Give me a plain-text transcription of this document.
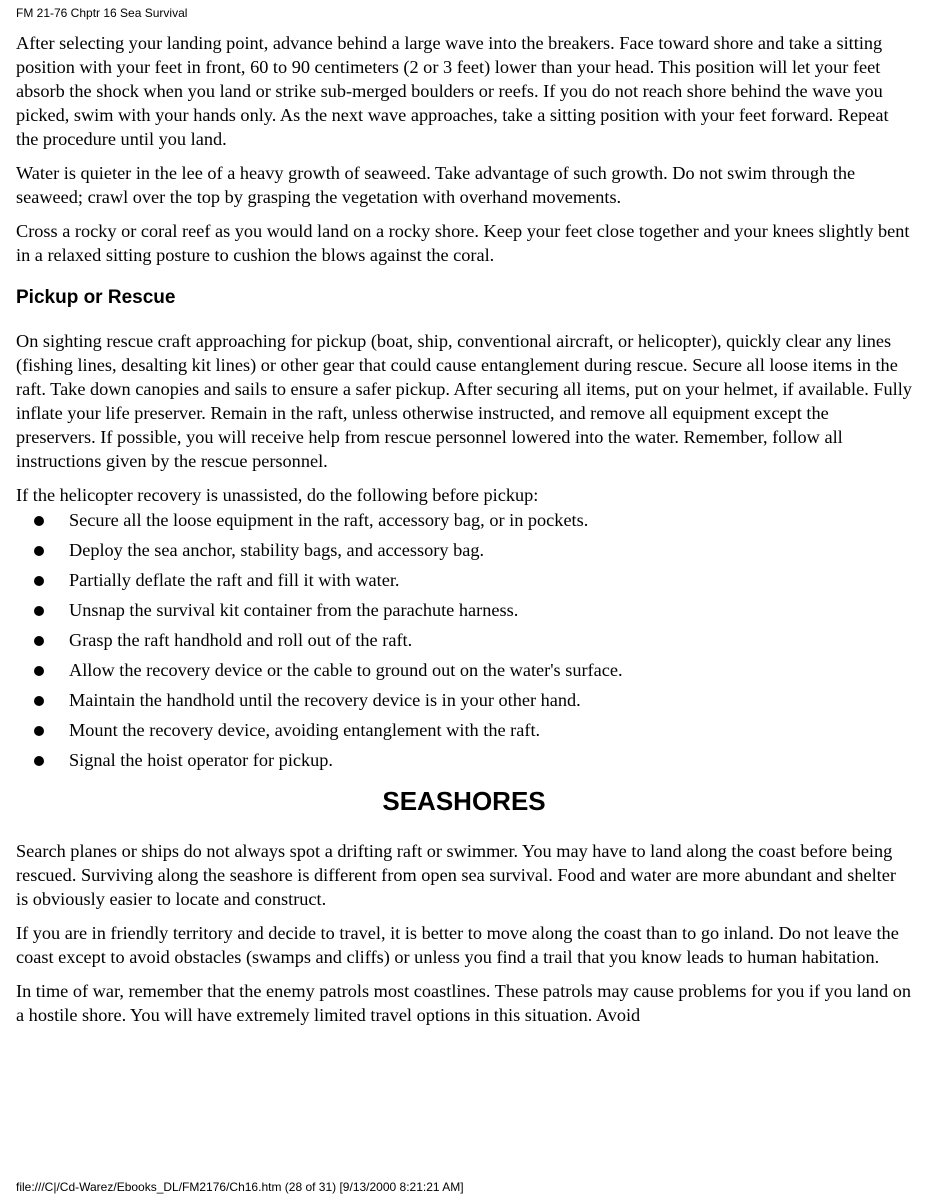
FM 21-76 Chptr 16 Sea Survival

After selecting your landing point, advance behind a large wave into the breakers. Face toward shore and take a sitting position with your feet in front, 60 to 90 centimeters (2 or 3 feet) lower than your head. This position will let your feet absorb the shock when you land or strike sub-merged boulders or reefs. If you do not reach shore behind the wave you picked, swim with your hands only. As the next wave approaches, take a sitting position with your feet forward. Repeat the procedure until you land.

Water is quieter in the lee of a heavy growth of seaweed. Take advantage of such growth. Do not swim through the seaweed; crawl over the top by grasping the vegetation with overhand movements.

Cross a rocky or coral reef as you would land on a rocky shore. Keep your feet close together and your knees slightly bent in a relaxed sitting posture to cushion the blows against the coral.

Pickup or Rescue

On sighting rescue craft approaching for pickup (boat, ship, conventional aircraft, or helicopter), quickly clear any lines (fishing lines, desalting kit lines) or other gear that could cause entanglement during rescue. Secure all loose items in the raft. Take down canopies and sails to ensure a safer pickup. After securing all items, put on your helmet, if available. Fully inflate your life preserver. Remain in the raft, unless otherwise instructed, and remove all equipment except the preservers. If possible, you will receive help from rescue personnel lowered into the water. Remember, follow all instructions given by the rescue personnel.

If the helicopter recovery is unassisted, do the following before pickup:

Secure all the loose equipment in the raft, accessory bag, or in pockets.
Deploy the sea anchor, stability bags, and accessory bag.
Partially deflate the raft and fill it with water.
Unsnap the survival kit container from the parachute harness.
Grasp the raft handhold and roll out of the raft.
Allow the recovery device or the cable to ground out on the water's surface.
Maintain the handhold until the recovery device is in your other hand.
Mount the recovery device, avoiding entanglement with the raft.
Signal the hoist operator for pickup.
SEASHORES

Search planes or ships do not always spot a drifting raft or swimmer. You may have to land along the coast before being rescued. Surviving along the seashore is different from open sea survival. Food and water are more abundant and shelter is obviously easier to locate and construct.

If you are in friendly territory and decide to travel, it is better to move along the coast than to go inland. Do not leave the coast except to avoid obstacles (swamps and cliffs) or unless you find a trail that you know leads to human habitation.

In time of war, remember that the enemy patrols most coastlines. These patrols may cause problems for you if you land on a hostile shore. You will have extremely limited travel options in this situation. Avoid

file:///C|/Cd-Warez/Ebooks_DL/FM2176/Ch16.htm (28 of 31) [9/13/2000 8:21:21 AM]
